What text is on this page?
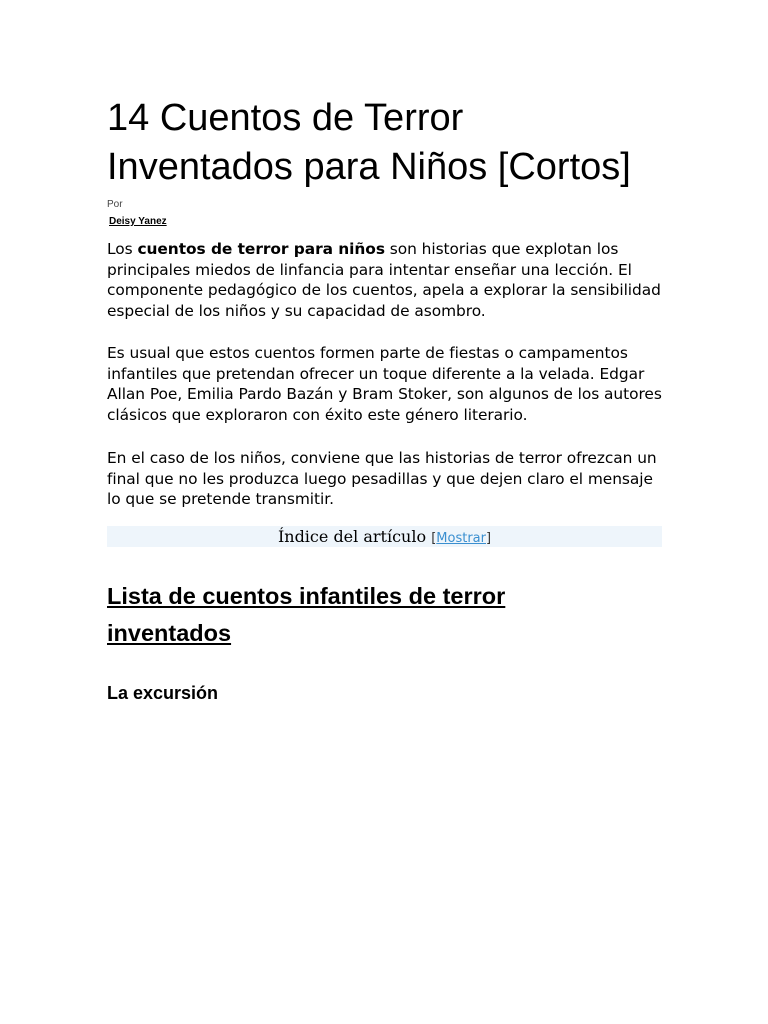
14 Cuentos de Terror
Inventados para Niños [Cortos]
Por
Deisy Yanez

Los cuentos de terror para niños son historias que explotan los principales miedos de linfancia para intentar enseñar una lección. El componente pedagógico de los cuentos, apela a explorar la sensibilidad especial de los niños y su capacidad de asombro.

Es usual que estos cuentos formen parte de fiestas o campamentos infantiles que pretendan ofrecer un toque diferente a la velada. Edgar Allan Poe, Emilia Pardo Bazán y Bram Stoker, son algunos de los autores clásicos que exploraron con éxito este género literario.

En el caso de los niños, conviene que las historias de terror ofrezcan un final que no les produzca luego pesadillas y que dejen claro el mensaje lo que se pretende transmitir.

Índice del artículo [Mostrar]
Lista de cuentos infantiles de terror
inventados
La excursión
